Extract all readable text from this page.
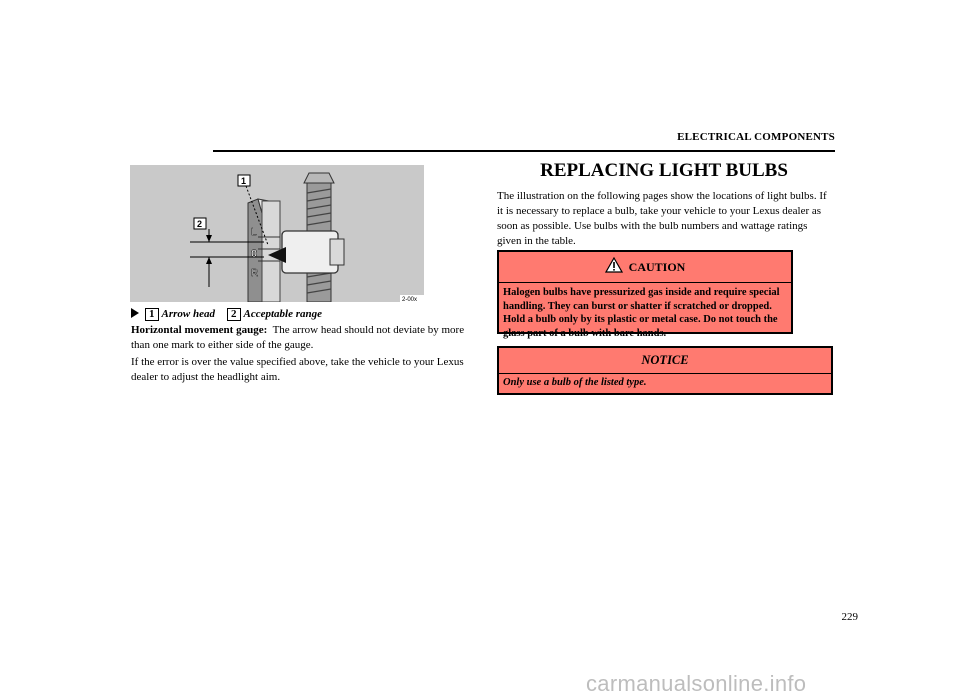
ELECTRICAL COMPONENTS
L
0
R
1
2
2-00x
1 Arrow head 2 Acceptable range
Horizontal movement gauge: The arrow head should not deviate by more than one mark to either side of the gauge.
If the error is over the value specified above, take the vehicle to your Lexus dealer to adjust the headlight aim.
REPLACING LIGHT BULBS
The illustration on the following pages show the locations of light bulbs. If it is necessary to replace a bulb, take your vehicle to your Lexus dealer as soon as possible. Use bulbs with the bulb numbers and wattage ratings given in the table.
CAUTION
Halogen bulbs have pressurized gas inside and require special handling. They can burst or shatter if scratched or dropped. Hold a bulb only by its plastic or metal case. Do not touch the glass part of a bulb with bare hands.
NOTICE
Only use a bulb of the listed type.
229
carmanualsonline.info
